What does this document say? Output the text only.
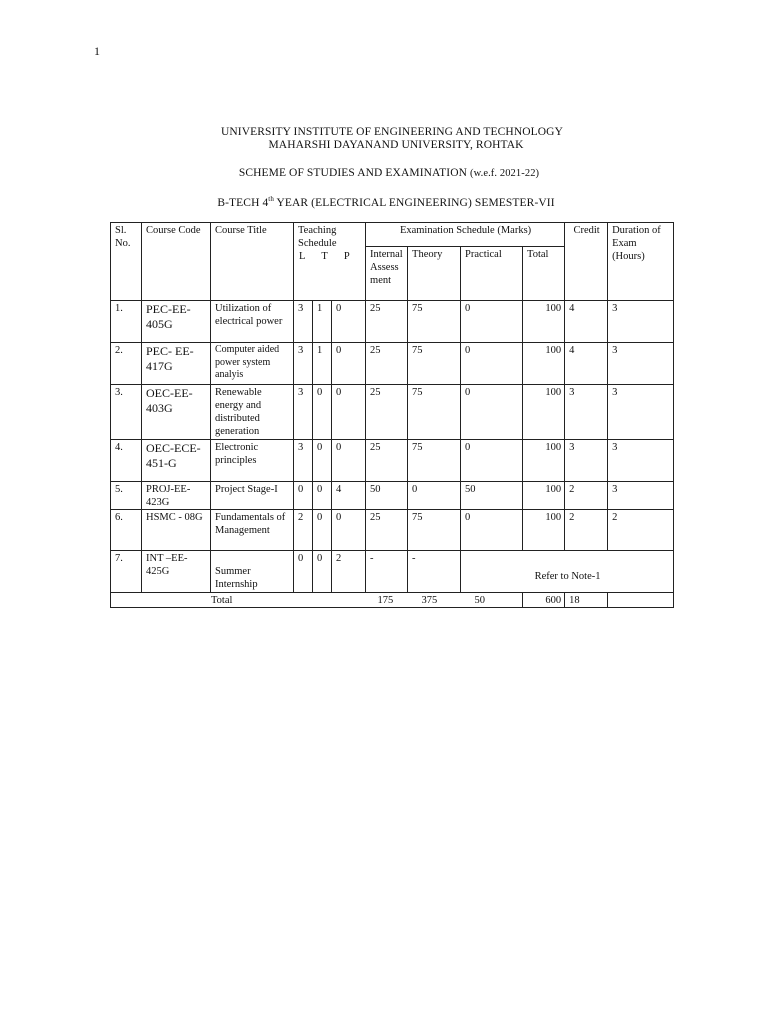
1
UNIVERSITY INSTITUTE OF ENGINEERING AND TECHNOLOGY
MAHARSHI DAYANAND UNIVERSITY, ROHTAK
SCHEME OF STUDIES AND EXAMINATION (w.e.f. 2021-22)
B-TECH 4th YEAR (ELECTRICAL ENGINEERING) SEMESTER-VII
Sl. No.	Course Code	Course Title	Teaching Schedule
L T P			Examination Schedule (Marks)				Credit	Duration of Exam (Hours)
						Internal Assess ment	Theory	Practical	Total		
1.	PEC-EE-405G	Utilization of electrical power	3	1	0	25	75	0	100	4	3
2.	PEC- EE-417G	Computer aided power system analyis	3	1	0	25	75	0	100	4	3
3.	OEC-EE-403G	Renewable energy and distributed generation	3	0	0	25	75	0	100	3	3
4.	OEC-ECE-451-G	Electronic principles	3	0	0	25	75	0	100	3	3
5.	PROJ-EE-423G	Project Stage-I	0	0	4	50	0	50	100	2	3
6.	HSMC - 08G	Fundamentals of Management	2	0	0	25	75	0	100	2	2
7.	INT –EE-425G	Summer Internship	0	0	2	-	-	Refer to Note-1			
Total						175	375	50	600	18	
